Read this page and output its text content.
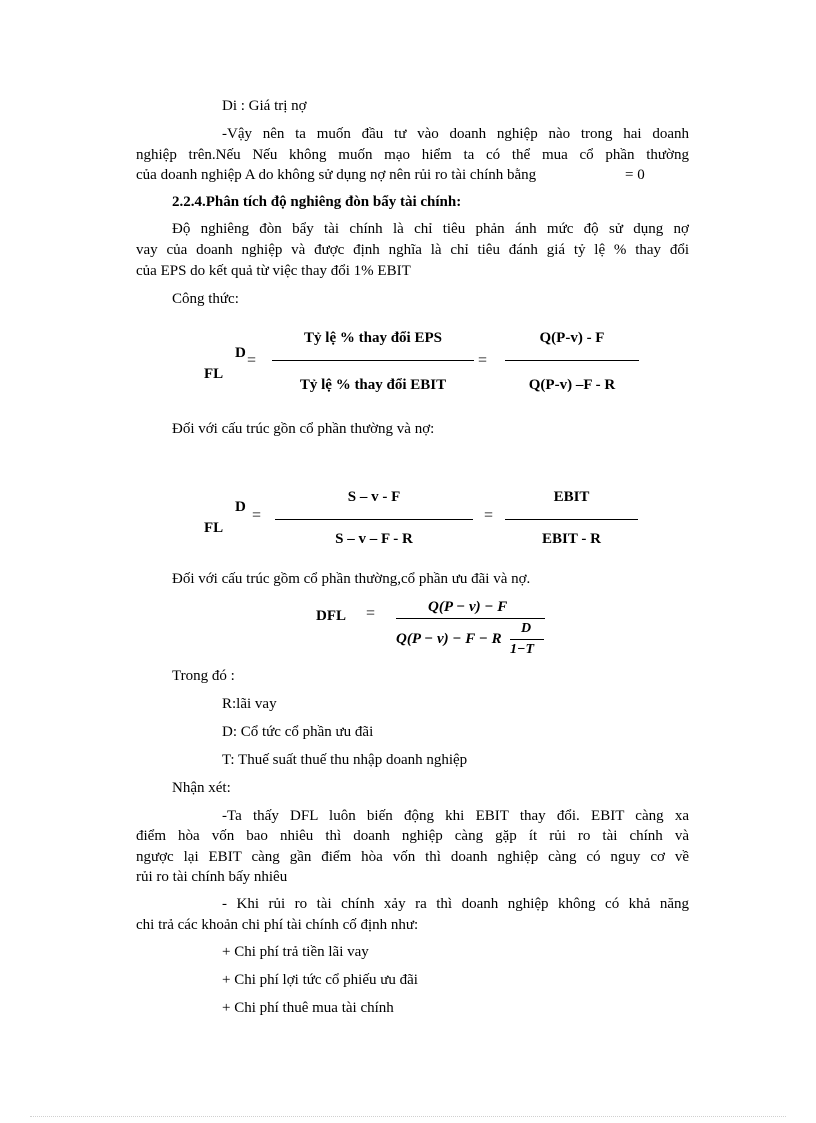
Di : Giá trị nợ
-Vậy nên ta muốn đầu tư vào doanh nghiệp nào trong hai doanh
nghiệp trên.Nếu Nếu không muốn mạo hiểm ta có thể mua cổ phần thường
của doanh nghiệp A do không sử dụng nợ nên rủi ro tài chính bằng	= 0
2.2.4.Phân tích độ nghiêng đòn bẩy tài chính:
Độ nghiêng đòn bẩy tài chính là chỉ tiêu phản ánh mức độ sử dụng nợ
vay của doanh nghiệp và được định nghĩa là chỉ tiêu đánh giá tỷ lệ % thay đổi
của EPS do kết quả từ việc thay đổi 1% EBIT
Công thức:
D
FL
=
Tỷ lệ % thay đổi EPS
Tỷ lệ % thay đổi EBIT
=
Q(P-v) - F
Q(P-v) –F - R
Đối với cấu trúc gồn cổ phần thường và nợ:
D
FL
=
S – v - F
S – v – F - R
=
EBIT
EBIT - R
Đối với cấu trúc gồm cổ phần thường,cổ phần ưu đãi và nợ.
DFL =	Q(P − v) − F
Q(P − v) − F − R
D
1−T
Trong đó :
R:lãi vay
D: Cổ tức cổ phần ưu đãi
T: Thuế suất thuế thu nhập doanh nghiệp
Nhận xét:
-Ta thấy DFL luôn biến động khi EBIT thay đổi. EBIT càng xa
điểm hòa vốn bao nhiêu thì doanh nghiệp càng gặp ít rủi ro tài chính và
ngược lại EBIT càng gần điểm hòa vốn thì doanh nghiệp càng có nguy cơ về
rủi ro tài chính bấy nhiêu
- Khi rủi ro tài chính xảy ra thì doanh nghiệp không có khả năng
chi trả các khoản chi phí tài chính cố định như:
+ Chi phí trả tiền lãi vay
+ Chi phí lợi tức cổ phiếu ưu đãi
+ Chi phí thuê mua tài chính
